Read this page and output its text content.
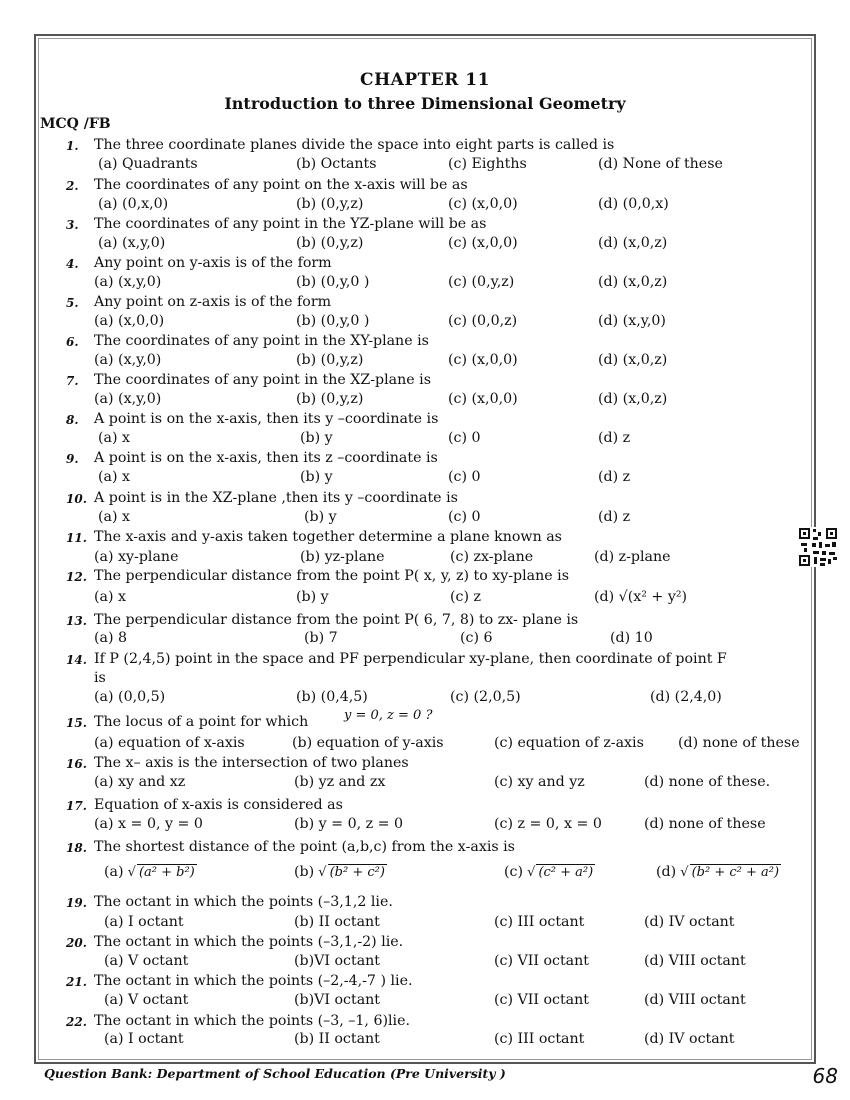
CHAPTER 11
Introduction to three Dimensional Geometry
MCQ /FB
1. The three coordinate planes divide the space into eight parts is called is
(a) Quadrants	(b) Octants	(c) Eighths	(d) None of these
2. The coordinates of any point on the x-axis will be as
(a) (0,x,0)	(b) (0,y,z)	(c) (x,0,0)	(d) (0,0,x)
3. The coordinates of any point in the YZ-plane will be as
(a) (x,y,0)	(b) (0,y,z)	(c) (x,0,0)	(d) (x,0,z)
4. Any point on y-axis is of the form
(a) (x,y,0)	(b) (0,y,0 )	(c) (0,y,z)	(d) (x,0,z)
5. Any point on z-axis is of the form
(a) (x,0,0)	(b) (0,y,0 )	(c) (0,0,z)	(d) (x,y,0)
6. The coordinates of any point in the XY-plane is
(a) (x,y,0)	(b) (0,y,z)	(c) (x,0,0)	(d) (x,0,z)
7. The coordinates of any point in the XZ-plane is
(a) (x,y,0)	(b) (0,y,z)	(c) (x,0,0)	(d) (x,0,z)
8. A point is on the x-axis, then its y –coordinate is
(a) x	(b) y	(c) 0	(d) z
9. A point is on the x-axis, then its z –coordinate is
(a) x	(b) y	(c) 0	(d) z
10. A point is in the XZ-plane ,then its y –coordinate is
(a) x	(b) y	(c) 0	(d) z
11. The x-axis and y-axis taken together determine a plane known as
(a) xy-plane	(b) yz-plane	(c) zx-plane	(d) z-plane
12. The perpendicular distance from the point P( x, y, z) to xy-plane is
(a) x	(b) y	(c) z	(d) √(x² + y²)
13. The perpendicular distance from the point P( 6, 7, 8) to zx- plane is
(a) 8	(b) 7	(c) 6	(d) 10
14. If P (2,4,5) point in the space and PF perpendicular xy-plane, then coordinate of point F
is
(a) (0,0,5)	(b) (0,4,5)	(c) (2,0,5)	(d) (2,4,0)
15. The locus of a point for which	y = 0, z = 0 ?
(a) equation of x-axis	(b) equation of y-axis	(c) equation of z-axis (d) none of these
16. The x– axis is the intersection of two planes
(a) xy and xz	(b) yz and zx	(c) xy and yz	(d) none of these.
17. Equation of x-axis is considered as
(a) x = 0, y = 0	(b) y = 0, z = 0	(c) z = 0, x = 0	(d) none of these
18. The shortest distance of the point (a,b,c) from the x-axis is
(a) √ (a² + b²)	(b) √ (b² + c²)	(c) √ (c² + a²)	(d) √ (b² + c² + a²)
19. The octant in which the points (–3,1,2 lie.
(a) I octant	(b) II octant	(c) III octant	(d) IV octant
20. The octant in which the points (–3,1,-2) lie.
(a) V octant	(b)VI octant	(c) VII octant	(d) VIII octant
21. The octant in which the points (–2,-4,-7 ) lie.
(a) V octant	(b)VI octant	(c) VII octant	(d) VIII octant
22. The octant in which the points (–3, –1, 6)lie.
(a) I octant	(b) II octant	(c) III octant	(d) IV octant
Question Bank: Department of School Education (Pre University )	68
